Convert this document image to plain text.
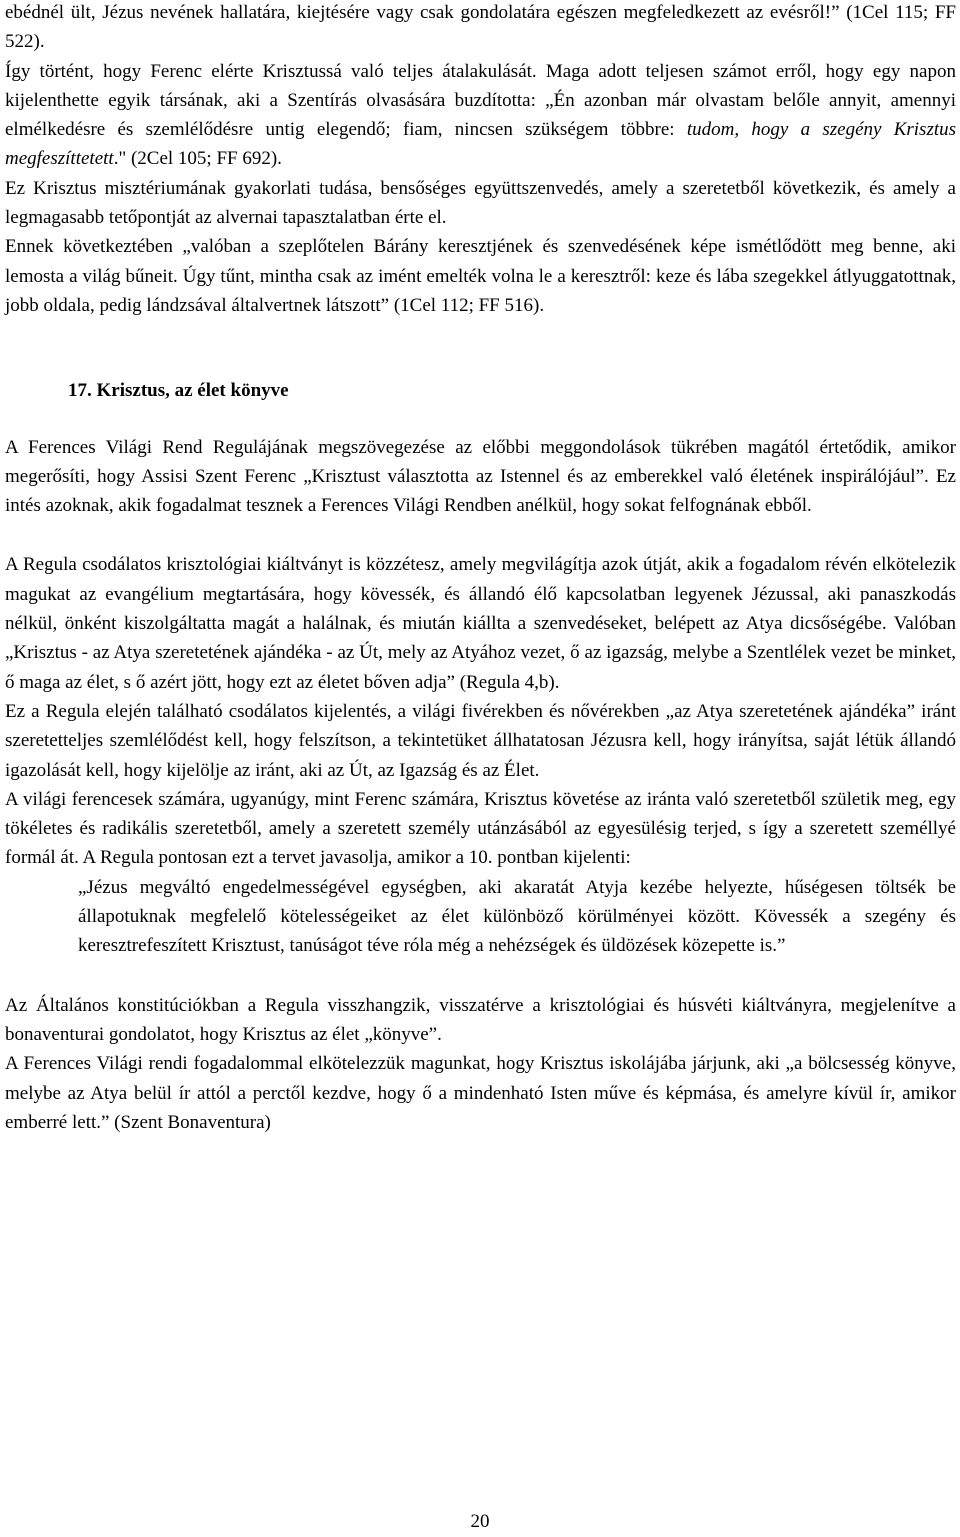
ebédnél ült, Jézus nevének hallatára, kiejtésére vagy csak gondolatára egészen megfeledkezett az evésről!” (1Cel 115; FF 522).

Így történt, hogy Ferenc elérte Krisztussá való teljes átalakulását. Maga adott teljesen számot erről, hogy egy napon kijelenthette egyik társának, aki a Szentírás olvasására buzdította: „Én azonban már olvastam belőle annyit, amennyi elmélkedésre és szemlélődésre untig elegendő; fiam, nincsen szükségem többre: tudom, hogy a szegény Krisztus megfeszíttetett." (2Cel 105; FF 692).

Ez Krisztus misztériumának gyakorlati tudása, bensőséges együttszenvedés, amely a szeretetből következik, és amely a legmagasabb tetőpontját az alvernai tapasztalatban érte el.

Ennek következtében „valóban a szeplőtelen Bárány keresztjének és szenvedésének képe ismétlődött meg benne, aki lemosta a világ bűneit. Úgy tűnt, mintha csak az imént emelték volna le a keresztről: keze és lába szegekkel átlyuggatottnak, jobb oldala, pedig lándzsával általvertnek látszott” (1Cel 112; FF 516).

17. Krisztus, az élet könyve

A Ferences Világi Rend Regulájának megszövegezése az előbbi meggondolások tükrében magától értetődik, amikor megerősíti, hogy Assisi Szent Ferenc „Krisztust választotta az Istennel és az emberekkel való életének inspirálójául”. Ez intés azoknak, akik fogadalmat tesznek a Ferences Világi Rendben anélkül, hogy sokat felfognának ebből.

A Regula csodálatos krisztológiai kiáltványt is közzétesz, amely megvilágítja azok útját, akik a fogadalom révén elkötelezik magukat az evangélium megtartására, hogy kövessék, és állandó élő kapcsolatban legyenek Jézussal, aki panaszkodás nélkül, önként kiszolgáltatta magát a halálnak, és miután kiállta a szenvedéseket, belépett az Atya dicsőségébe. Valóban „Krisztus - az Atya szeretetének ajándéka - az Út, mely az Atyához vezet, ő az igazság, melybe a Szentlélek vezet be minket, ő maga az élet, s ő azért jött, hogy ezt az életet bőven adja” (Regula 4,b).

Ez a Regula elején található csodálatos kijelentés, a világi fivérekben és nővérekben „az Atya szeretetének ajándéka” iránt szeretetteljes szemlélődést kell, hogy felszítson, a tekintetüket állhatatosan Jézusra kell, hogy irányítsa, saját létük állandó igazolását kell, hogy kijelölje az iránt, aki az Út, az Igazság és az Élet.

A világi ferencesek számára, ugyanúgy, mint Ferenc számára, Krisztus követése az iránta való szeretetből születik meg, egy tökéletes és radikális szeretetből, amely a szeretett személy utánzásából az egyesülésig terjed, s így a szeretett személlyé formál át. A Regula pontosan ezt a tervet javasolja, amikor a 10. pontban kijelenti:

„Jézus megváltó engedelmességével egységben, aki akaratát Atyja kezébe helyezte, hűségesen töltsék be állapotuknak megfelelő kötelességeiket az élet különböző körülményei között. Kövessék a szegény és keresztrefeszített Krisztust, tanúságot téve róla még a nehézségek és üldözések közepette is.”

Az Általános konstitúciókban a Regula visszhangzik, visszatérve a krisztológiai és húsvéti kiáltványra, megjelenítve a bonaventurai gondolatot, hogy Krisztus az élet „könyve”.

A Ferences Világi rendi fogadalommal elkötelezzük magunkat, hogy Krisztus iskolájába járjunk, aki „a bölcsesség könyve, melybe az Atya belül ír attól a perctől kezdve, hogy ő a mindenható Isten műve és képmása, és amelyre kívül ír, amikor emberré lett.” (Szent Bonaventura)

20
